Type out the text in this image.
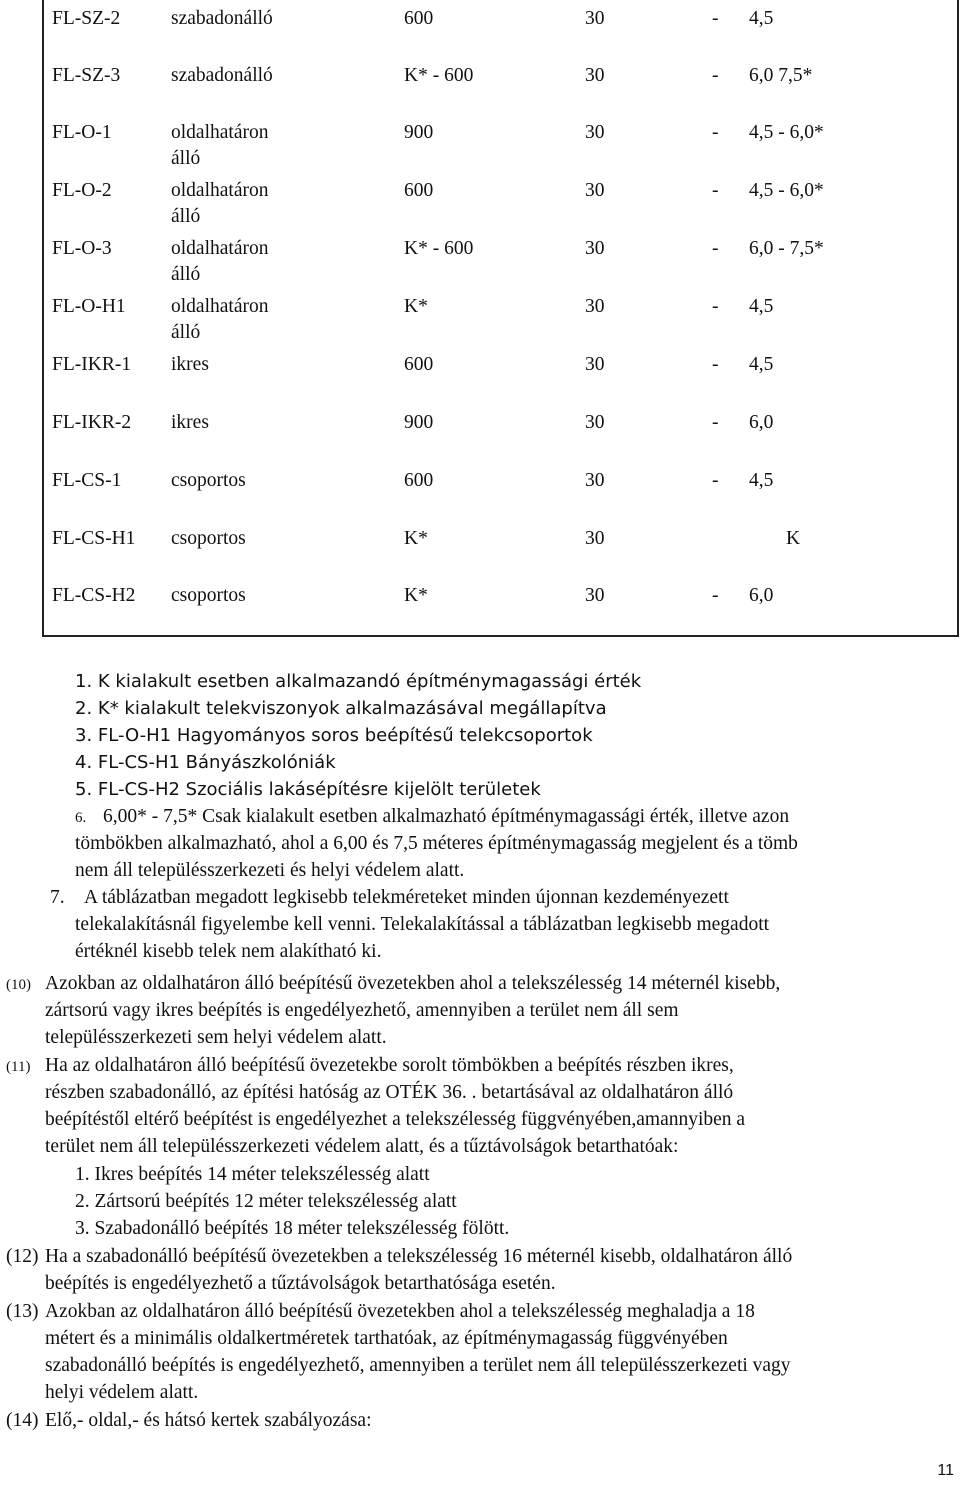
FL-SZ-2	szabadonálló	600	30	- 4,5
FL-SZ-3	szabadonálló	K* - 600	30	- 6,0 7,5*
FL-O-1	oldalhatáron	900	30	- 4,5 - 6,0*
álló
FL-O-2	oldalhatáron	600	30	- 4,5 - 6,0*
álló
FL-O-3	oldalhatáron	K* - 600	30	- 6,0 - 7,5*
álló
FL-O-H1 oldalhatáron	K*	30	- 4,5
álló
FL-IKR-1 ikres	600	30	- 4,5
FL-IKR-2 ikres	900	30	- 6,0
FL-CS-1	csoportos	600	30	- 4,5
FL-CS-H1 csoportos	K*	30	K
FL-CS-H2 csoportos	K*	30	- 6,0
1. K kialakult esetben alkalmazandó építménymagassági érték
2. K* kialakult telekviszonyok alkalmazásával megállapítva
3. FL-O-H1 Hagyományos soros beépítésű telekcsoportok
4. FL-CS-H1 Bányászkolóniák
5. FL-CS-H2 Szociális lakásépítésre kijelölt területek
6. 6,00* - 7,5* Csak kialakult esetben alkalmazható építménymagassági érték, illetve azon
tömbökben alkalmazható, ahol a 6,00 és 7,5 méteres építménymagasság megjelent és a tömb
nem áll településszerkezeti és helyi védelem alatt.
7. A táblázatban megadott legkisebb telekméreteket minden újonnan kezdeményezett
telekalakításnál figyelembe kell venni. Telekalakítással a táblázatban legkisebb megadott
értéknél kisebb telek nem alakítható ki.
(10) Azokban az oldalhatáron álló beépítésű övezetekben ahol a telekszélesség 14 méternél kisebb,
zártsorú vagy ikres beépítés is engedélyezhető, amennyiben a terület nem áll sem
településszerkezeti sem helyi védelem alatt.
(11) Ha az oldalhatáron álló beépítésű övezetekbe sorolt tömbökben a beépítés részben ikres,
részben szabadonálló, az építési hatóság az OTÉK 36. . betartásával az oldalhatáron álló
beépítéstől eltérő beépítést is engedélyezhet a telekszélesség függvényében,amannyiben a
terület nem áll településszerkezeti védelem alatt, és a tűztávolságok betarthatóak:
1. Ikres beépítés 14 méter telekszélesség alatt
2. Zártsorú beépítés 12 méter telekszélesség alatt
3. Szabadonálló beépítés 18 méter telekszélesség fölött.
(12) Ha a szabadonálló beépítésű övezetekben a telekszélesség 16 méternél kisebb, oldalhatáron álló
beépítés is engedélyezhető a tűztávolságok betarthatósága esetén.
(13) Azokban az oldalhatáron álló beépítésű övezetekben ahol a telekszélesség meghaladja a 18
métert és a minimális oldalkertméretek tarthatóak, az építménymagasság függvényében
szabadonálló beépítés is engedélyezhető, amennyiben a terület nem áll településszerkezeti vagy
helyi védelem alatt.
(14) Elő,- oldal,- és hátsó kertek szabályozása:
11
